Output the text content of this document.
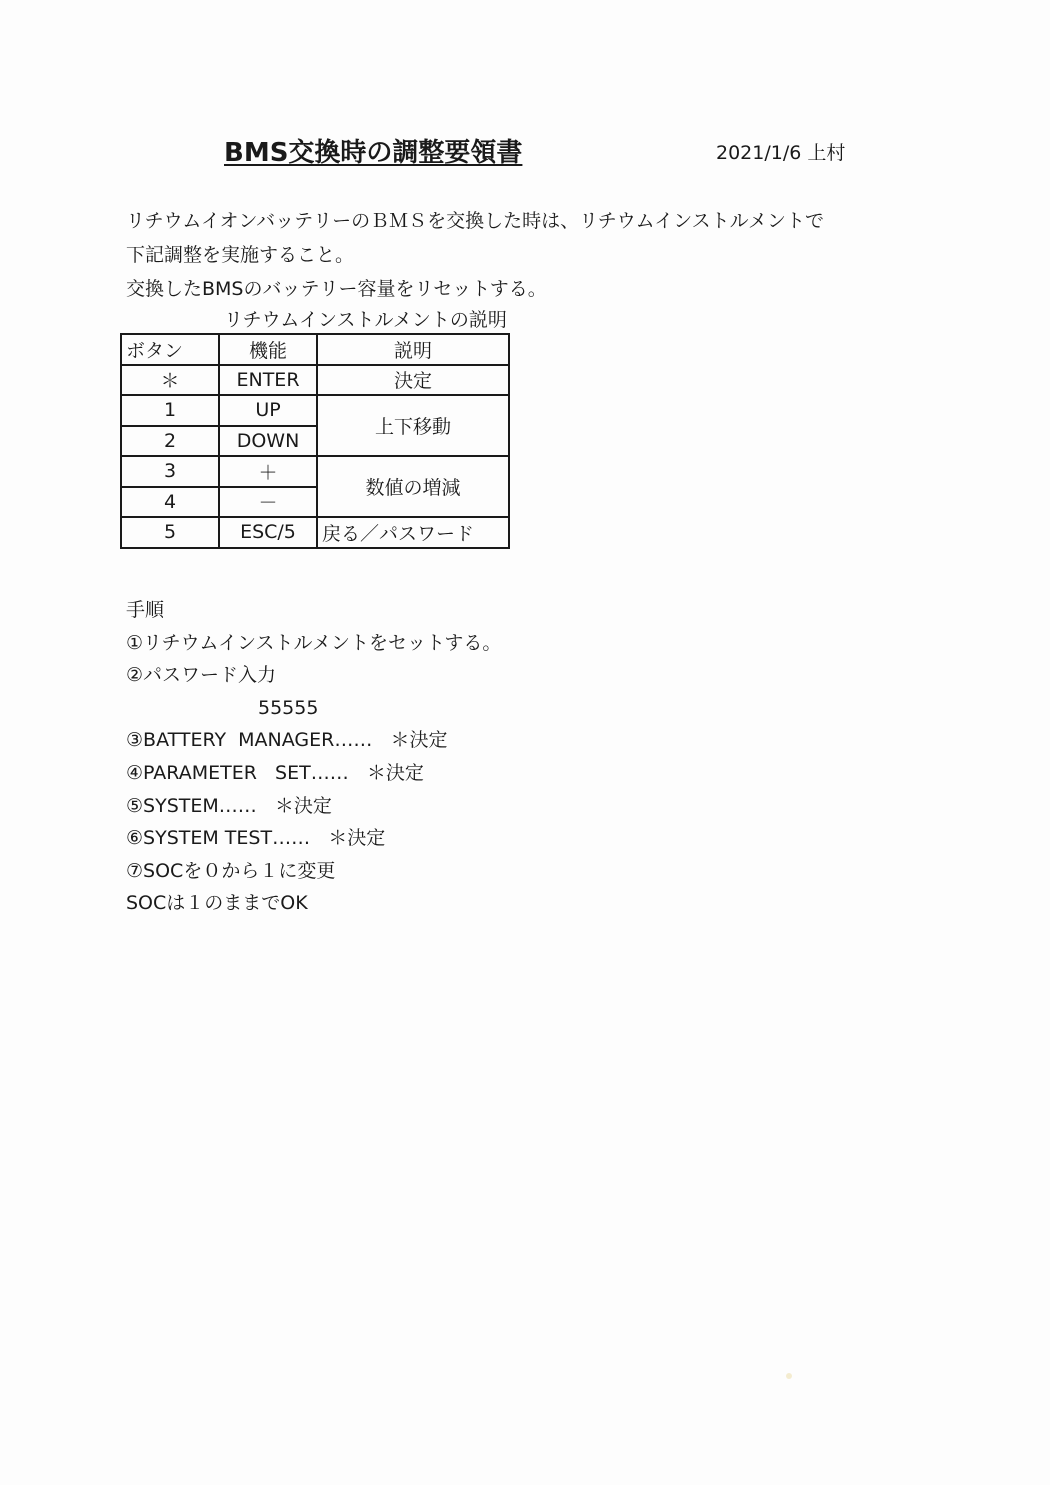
BMS交換時の調整要領書	2021/1/6 上村
リチウムイオンバッテリーのＢＭＳを交換した時は、リチウムインストルメントで
下記調整を実施すること。
交換したBMSのバッテリー容量をリセットする。
リチウムインストルメントの説明
ボタン	機能	説明
＊	ENTER	決定
1	UP	上下移動
2	DOWN	
3	＋	数値の増減
4	－	
5	ESC/5	戻る／パスワード
手順
①リチウムインストルメントをセットする。
②パスワード入力
55555
③BATTERY  MANAGER……   ＊決定
④PARAMETER   SET……   ＊決定
⑤SYSTEM……   ＊決定
⑥SYSTEM TEST……   ＊決定
⑦SOCを０から１に変更
SOCは１のままでOK
